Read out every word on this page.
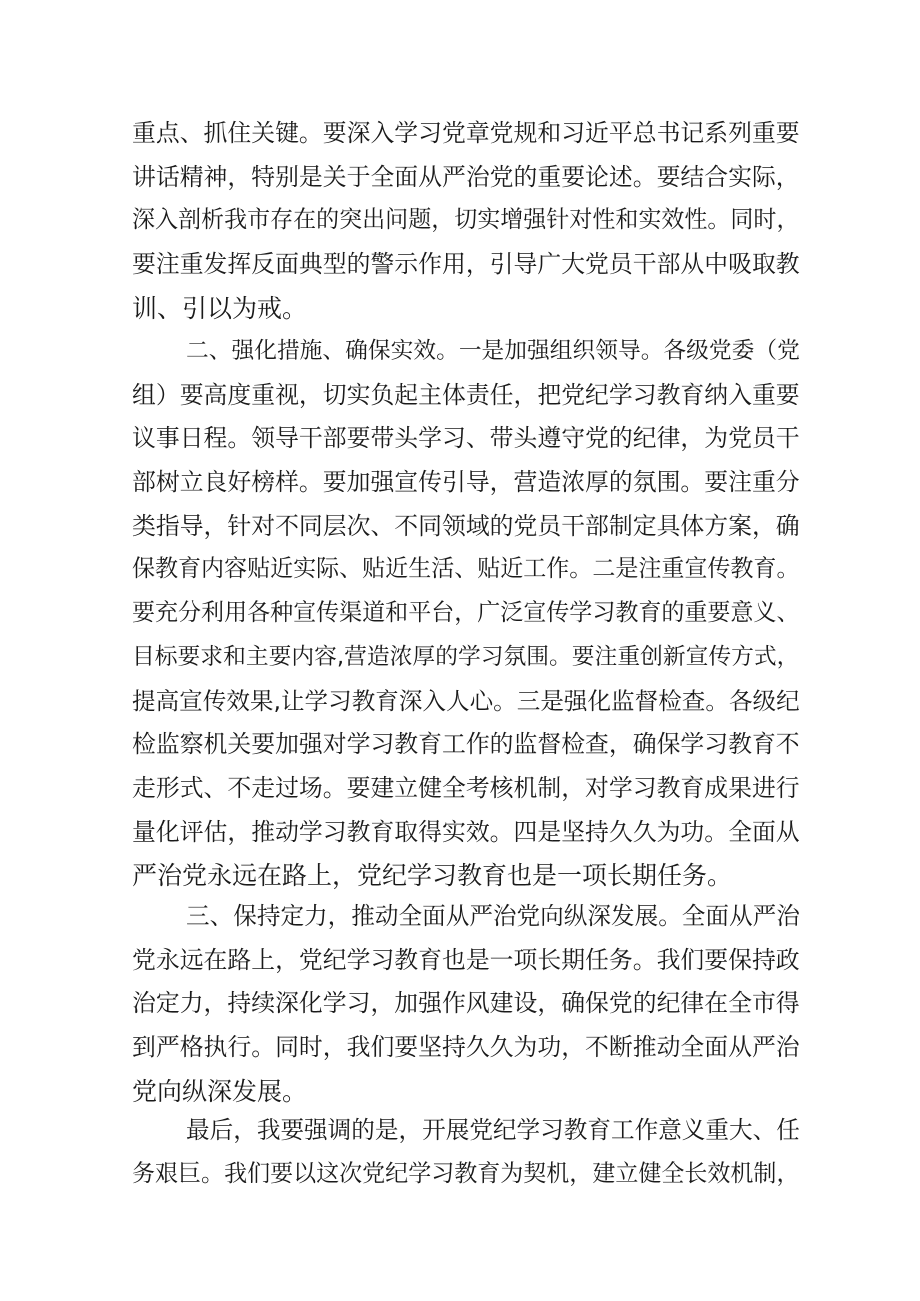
重点、抓住关键。要深入学习党章党规和习近平总书记系列重要
讲话精神，特别是关于全面从严治党的重要论述。要结合实际，
深入剖析我市存在的突出问题，切实增强针对性和实效性。同时，
要注重发挥反面典型的警示作用，引导广大党员干部从中吸取教
训、引以为戒。
二、强化措施、确保实效。一是加强组织领导。各级党委（党
组）要高度重视，切实负起主体责任，把党纪学习教育纳入重要
议事日程。领导干部要带头学习、带头遵守党的纪律，为党员干
部树立良好榜样。要加强宣传引导，营造浓厚的氛围。要注重分
类指导，针对不同层次、不同领域的党员干部制定具体方案，确
保教育内容贴近实际、贴近生活、贴近工作。二是注重宣传教育。
要充分利用各种宣传渠道和平台，广泛宣传学习教育的重要意义、
目标要求和主要内容,营造浓厚的学习氛围。要注重创新宣传方式，
提高宣传效果,让学习教育深入人心。三是强化监督检查。各级纪
检监察机关要加强对学习教育工作的监督检查，确保学习教育不
走形式、不走过场。要建立健全考核机制，对学习教育成果进行
量化评估，推动学习教育取得实效。四是坚持久久为功。全面从
严治党永远在路上，党纪学习教育也是一项长期任务。
三、保持定力，推动全面从严治党向纵深发展。全面从严治
党永远在路上，党纪学习教育也是一项长期任务。我们要保持政
治定力，持续深化学习，加强作风建设，确保党的纪律在全市得
到严格执行。同时，我们要坚持久久为功，不断推动全面从严治
党向纵深发展。
最后，我要强调的是，开展党纪学习教育工作意义重大、任
务艰巨。我们要以这次党纪学习教育为契机，建立健全长效机制，
